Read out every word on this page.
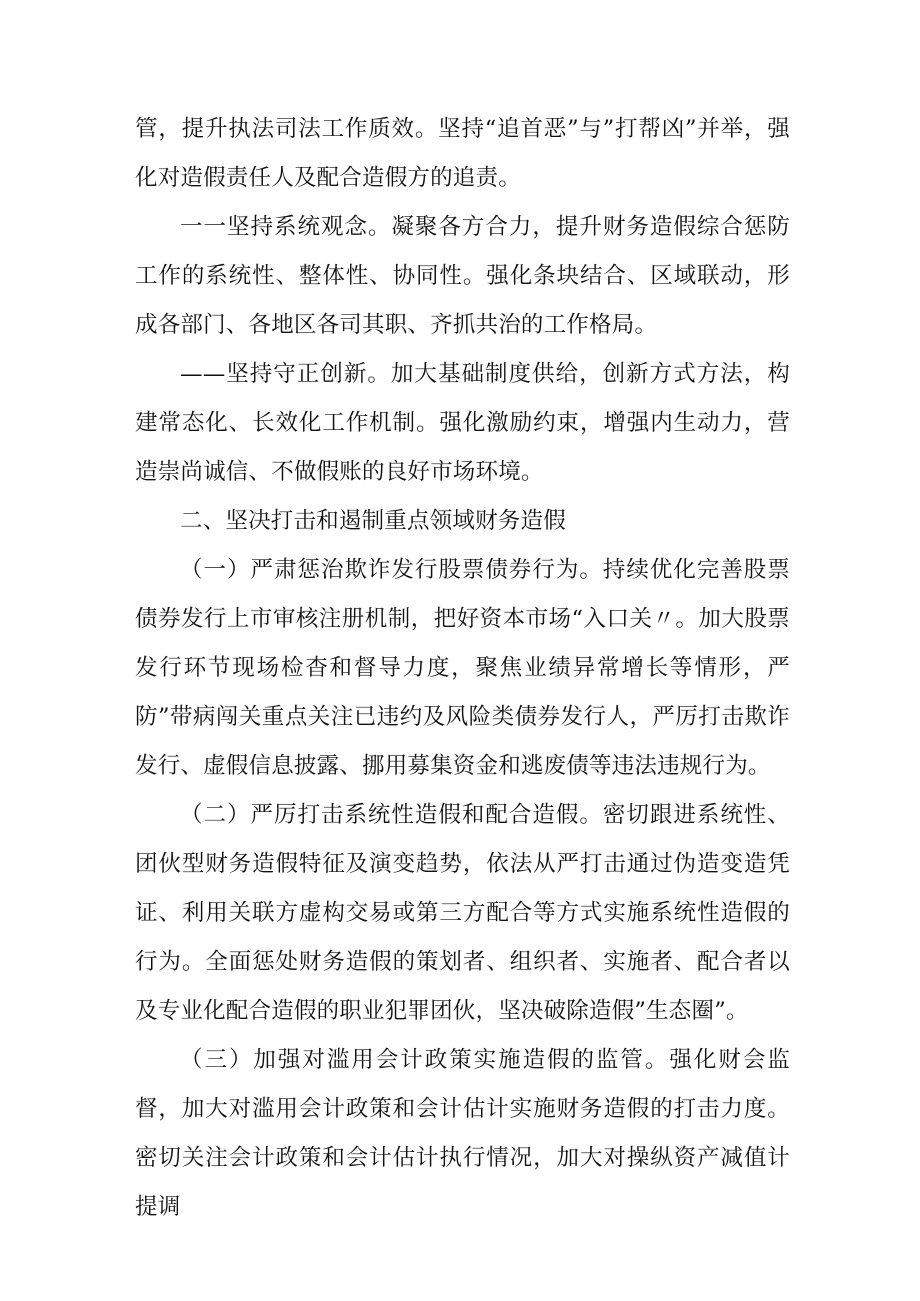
管，提升执法司法工作质效。坚持“追首恶”与”打帮凶”并举，强化对造假责任人及配合造假方的追责。

一一坚持系统观念。凝聚各方合力，提升财务造假综合惩防工作的系统性、整体性、协同性。强化条块结合、区域联动，形成各部门、各地区各司其职、齐抓共治的工作格局。

——坚持守正创新。加大基础制度供给，创新方式方法，构建常态化、长效化工作机制。强化激励约束，增强内生动力，营造崇尚诚信、不做假账的良好市场环境。

二、坚决打击和遏制重点领域财务造假

（一）严肃惩治欺诈发行股票债券行为。持续优化完善股票债券发行上市审核注册机制，把好资本市场“入口关〃。加大股票发行环节现场检杳和督导力度，聚焦业绩异常增长等情形，严防”带病闯关重点关注已违约及风险类债券发行人，严厉打击欺诈发行、虚假信息披露、挪用募集资金和逃废债等违法违规行为。

（二）严厉打击系统性造假和配合造假。密切跟进系统性、团伙型财务造假特征及演变趋势，依法从严打击通过伪造变造凭证、利用关联方虚构交易或第三方配合等方式实施系统性造假的行为。全面惩处财务造假的策划者、组织者、实施者、配合者以及专业化配合造假的职业犯罪团伙，坚决破除造假”生态圈”。

（三）加强对滥用会计政策实施造假的监管。强化财会监督，加大对滥用会计政策和会计估计实施财务造假的打击力度。密切关注会计政策和会计估计执行情况，加大对操纵资产减值计提调
